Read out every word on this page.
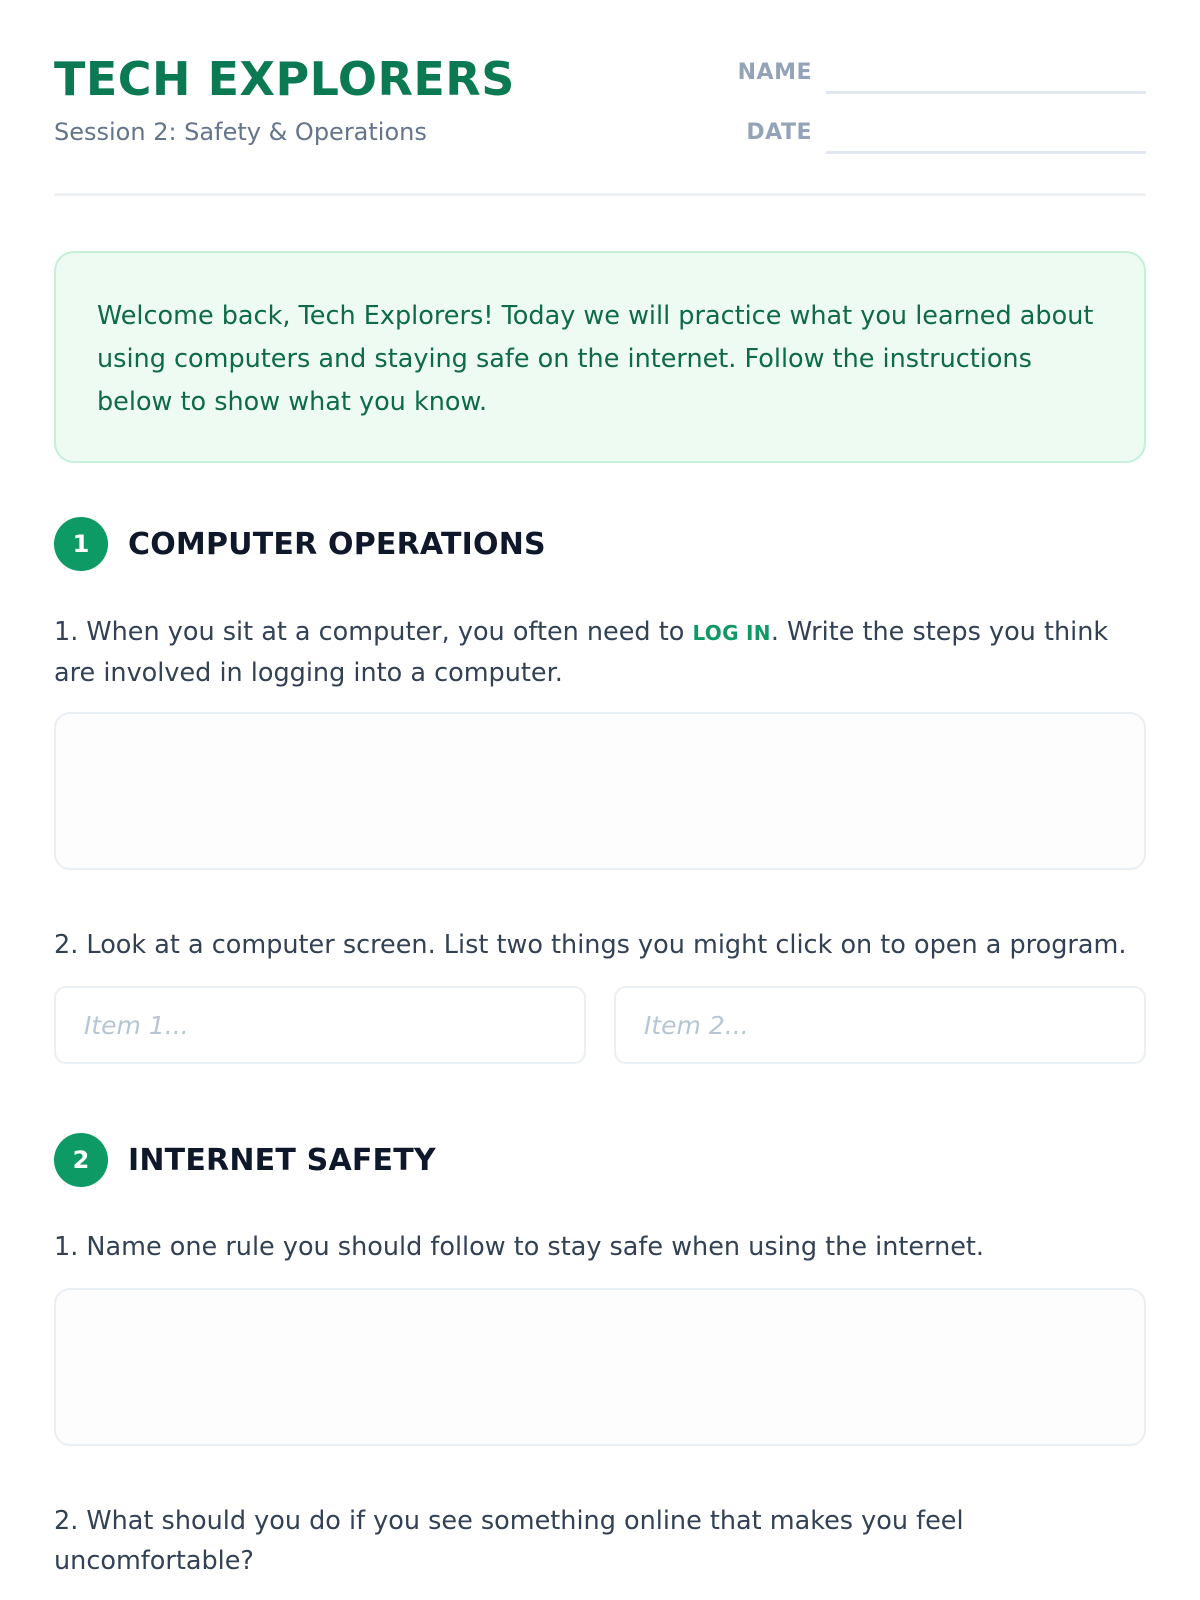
TECH EXPLORERS
Session 2: Safety & Operations
NAME
DATE
Welcome back, Tech Explorers! Today we will practice what you learned about using computers and staying safe on the internet. Follow the instructions below to show what you know.
1	COMPUTER OPERATIONS
1. When you sit at a computer, you often need to LOG IN. Write the steps you think are involved in logging into a computer.
2. Look at a computer screen. List two things you might click on to open a program.
Item 1...
Item 2...
2	INTERNET SAFETY
1. Name one rule you should follow to stay safe when using the internet.
2. What should you do if you see something online that makes you feel uncomfortable?
